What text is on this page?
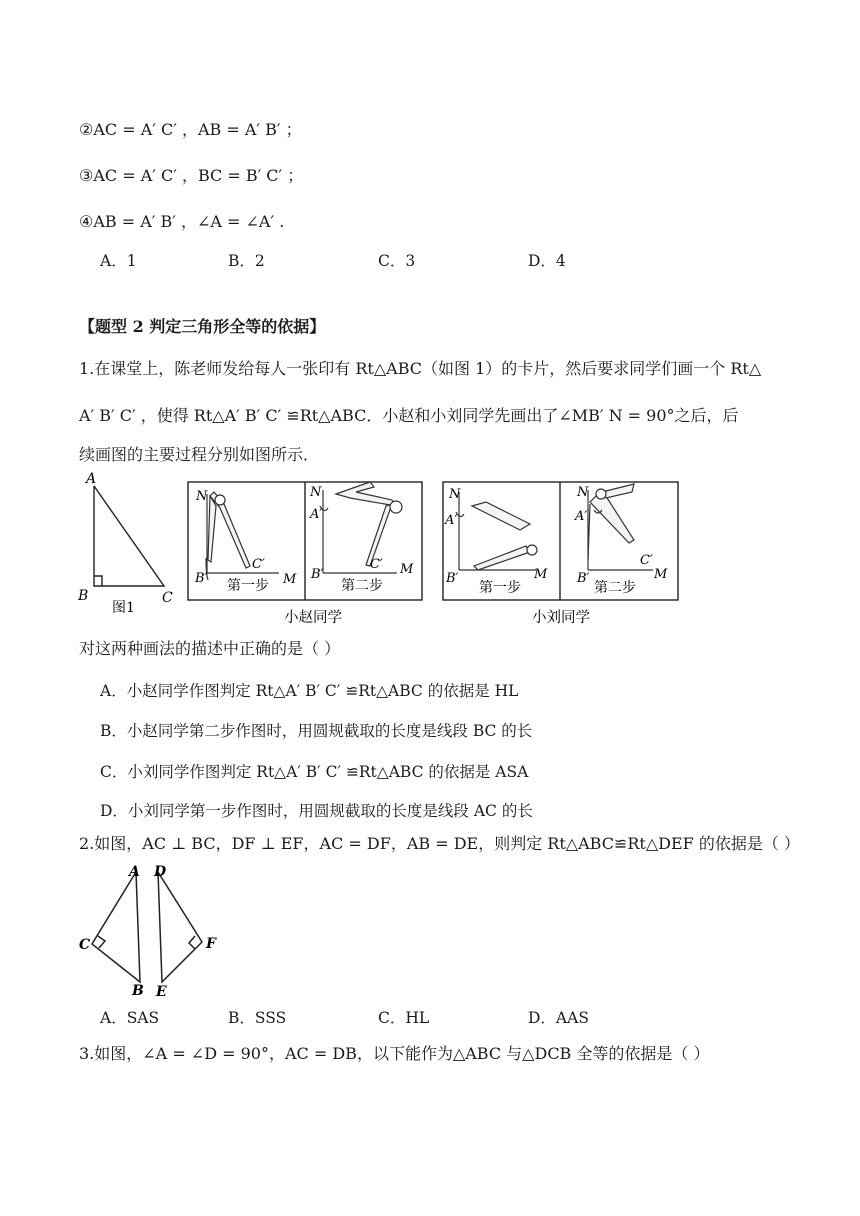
②AC = A′ C′ ，AB = A′ B′ ；
③AC = A′ C′ ，BC = B′ C′ ；
④AB = A′ B′ ，∠A = ∠A′ .
A．1	B．2	C．3	D．4
【题型 2 判定三角形全等的依据】
1.在课堂上，陈老师发给每人一张印有 Rt△ABC（如图 1）的卡片，然后要求同学们画一个 Rt△
A′ B′ C′ ，使得 Rt△A′ B′ C′ ≌Rt△ABC．小赵和小刘同学先画出了∠MB′ N = 90°之后，后
续画图的主要过程分别如图所示．
A
B	C
图1
N
B′
C′
M
第一步
N
A′
B′
C′ M
第二步
N
A′
B′	M
第一步
N
A′
B′
C′
M
第二步
小赵同学	小刘同学
对这两种画法的描述中正确的是（ ）
A．小赵同学作图判定 Rt△A′ B′ C′ ≌Rt△ABC 的依据是 HL
B．小赵同学第二步作图时，用圆规截取的长度是线段 BC 的长
C．小刘同学作图判定 Rt△A′ B′ C′ ≌Rt△ABC 的依据是 ASA
D．小刘同学第一步作图时，用圆规截取的长度是线段 AC 的长
2.如图，AC ⊥ BC，DF ⊥ EF，AC = DF，AB = DE，则判定 Rt△ABC≌Rt△DEF 的依据是（ ）
A
C
B
D
F
E
A．SAS	B．SSS	C．HL	D．AAS
3.如图，∠A = ∠D = 90°，AC = DB，以下能作为△ABC 与△DCB 全等的依据是（ ）
